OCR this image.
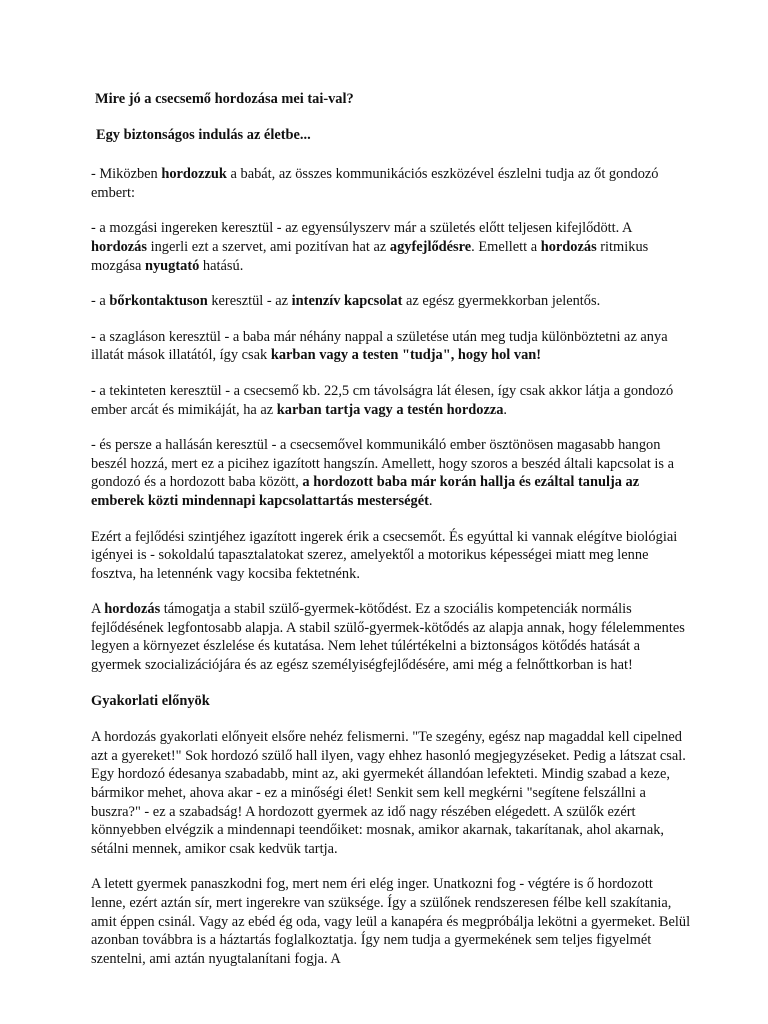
Mire jó a csecsemő hordozása mei tai-val?

Egy biztonságos indulás az életbe...

- Miközben hordozzuk a babát, az összes kommunikációs eszközével észlelni tudja az őt gondozó embert:

- a mozgási ingereken keresztül - az egyensúlyszerv már a születés előtt teljesen kifejlődött. A hordozás ingerli ezt a szervet, ami pozitívan hat az agyfejlődésre. Emellett a hordozás ritmikus mozgása nyugtató hatású.

- a bőrkontaktuson keresztül - az intenzív kapcsolat az egész gyermekkorban jelentős.

- a szagláson keresztül - a baba már néhány nappal a születése után meg tudja különböztetni az anya illatát mások illatától, így csak karban vagy a testen "tudja", hogy hol van!

- a tekinteten keresztül - a csecsemő kb. 22,5 cm távolságra lát élesen, így csak akkor látja a gondozó ember arcát és mimikáját, ha az karban tartja vagy a testén hordozza.

- és persze a hallásán keresztül - a csecsemővel kommunikáló ember ösztönösen magasabb hangon beszél hozzá, mert ez a picihez igazított hangszín. Amellett, hogy szoros a beszéd általi kapcsolat is a gondozó és a hordozott baba között, a hordozott baba már korán hallja és ezáltal tanulja az emberek közti mindennapi kapcsolattartás mesterségét.

Ezért a fejlődési szintjéhez igazított ingerek érik a csecsemőt. És egyúttal ki vannak elégítve biológiai igényei is - sokoldalú tapasztalatokat szerez, amelyektől a motorikus képességei miatt meg lenne fosztva, ha letennénk vagy kocsiba fektetnénk.

A hordozás támogatja a stabil szülő-gyermek-kötődést. Ez a szociális kompetenciák normális fejlődésének legfontosabb alapja. A stabil szülő-gyermek-kötődés az alapja annak, hogy félelemmentes legyen a környezet észlelése és kutatása. Nem lehet túlértékelni a biztonságos kötődés hatását a gyermek szocializációjára és az egész személyiségfejlődésére, ami még a felnőttkorban is hat!

Gyakorlati előnyök

A hordozás gyakorlati előnyeit elsőre nehéz felismerni. "Te szegény, egész nap magaddal kell cipelned azt a gyereket!" Sok hordozó szülő hall ilyen, vagy ehhez hasonló megjegyzéseket. Pedig a látszat csal. Egy hordozó édesanya szabadabb, mint az, aki gyermekét állandóan lefekteti. Mindig szabad a keze, bármikor mehet, ahova akar - ez a minőségi élet! Senkit sem kell megkérni "segítene felszállni a buszra?" - ez a szabadság! A hordozott gyermek az idő nagy részében elégedett. A szülők ezért könnyebben elvégzik a mindennapi teendőiket: mosnak, amikor akarnak, takarítanak, ahol akarnak, sétálni mennek, amikor csak kedvük tartja.

A letett gyermek panaszkodni fog, mert nem éri elég inger. Unatkozni fog - végtére is ő hordozott lenne, ezért aztán sír, mert ingerekre van szüksége. Így a szülőnek rendszeresen félbe kell szakítania, amit éppen csinál. Vagy az ebéd ég oda, vagy leül a kanapéra és megpróbálja lekötni a gyermeket. Belül azonban továbbra is a háztartás foglalkoztatja. Így nem tudja a gyermekének sem teljes figyelmét szentelni, ami aztán nyugtalanítani fogja. A
